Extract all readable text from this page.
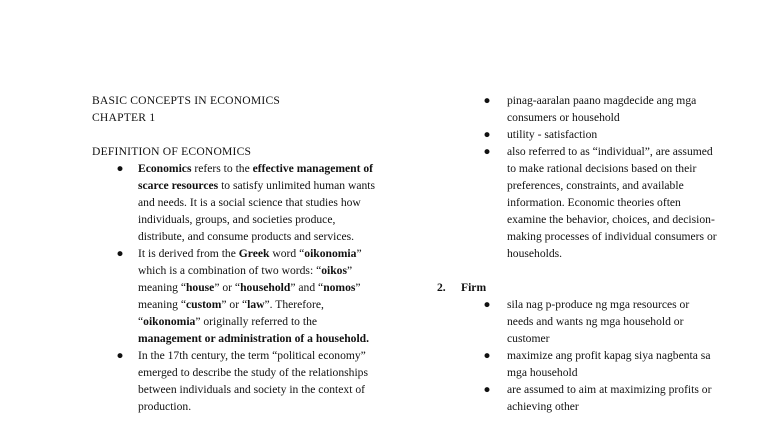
BASIC CONCEPTS IN ECONOMICS
CHAPTER 1
DEFINITION OF ECONOMICS
● Economics refers to the effective management of scarce resources to satisfy unlimited human wants and needs. It is a social science that studies how individuals, groups, and societies produce, distribute, and consume products and services.
● It is derived from the Greek word “oikonomia” which is a combination of two words: “oikos” meaning “house” or “household” and “nomos” meaning “custom” or “law”. Therefore, “oikonomia” originally referred to the management or administration of a household.
● In the 17th century, the term “political economy” emerged to describe the study of the relationships between individuals and society in the context of production.
● pinag-aaralan paano magdecide ang mga consumers or household
● utility - satisfaction
● also referred to as “individual”, are assumed to make rational decisions based on their preferences, constraints, and available information. Economic theories often examine the behavior, choices, and decision-making processes of individual consumers or households.
2. Firm
● sila nag p-produce ng mga resources or needs and wants ng mga household or customer
● maximize ang profit kapag siya nagbenta sa mga household
● are assumed to aim at maximizing profits or achieving other
